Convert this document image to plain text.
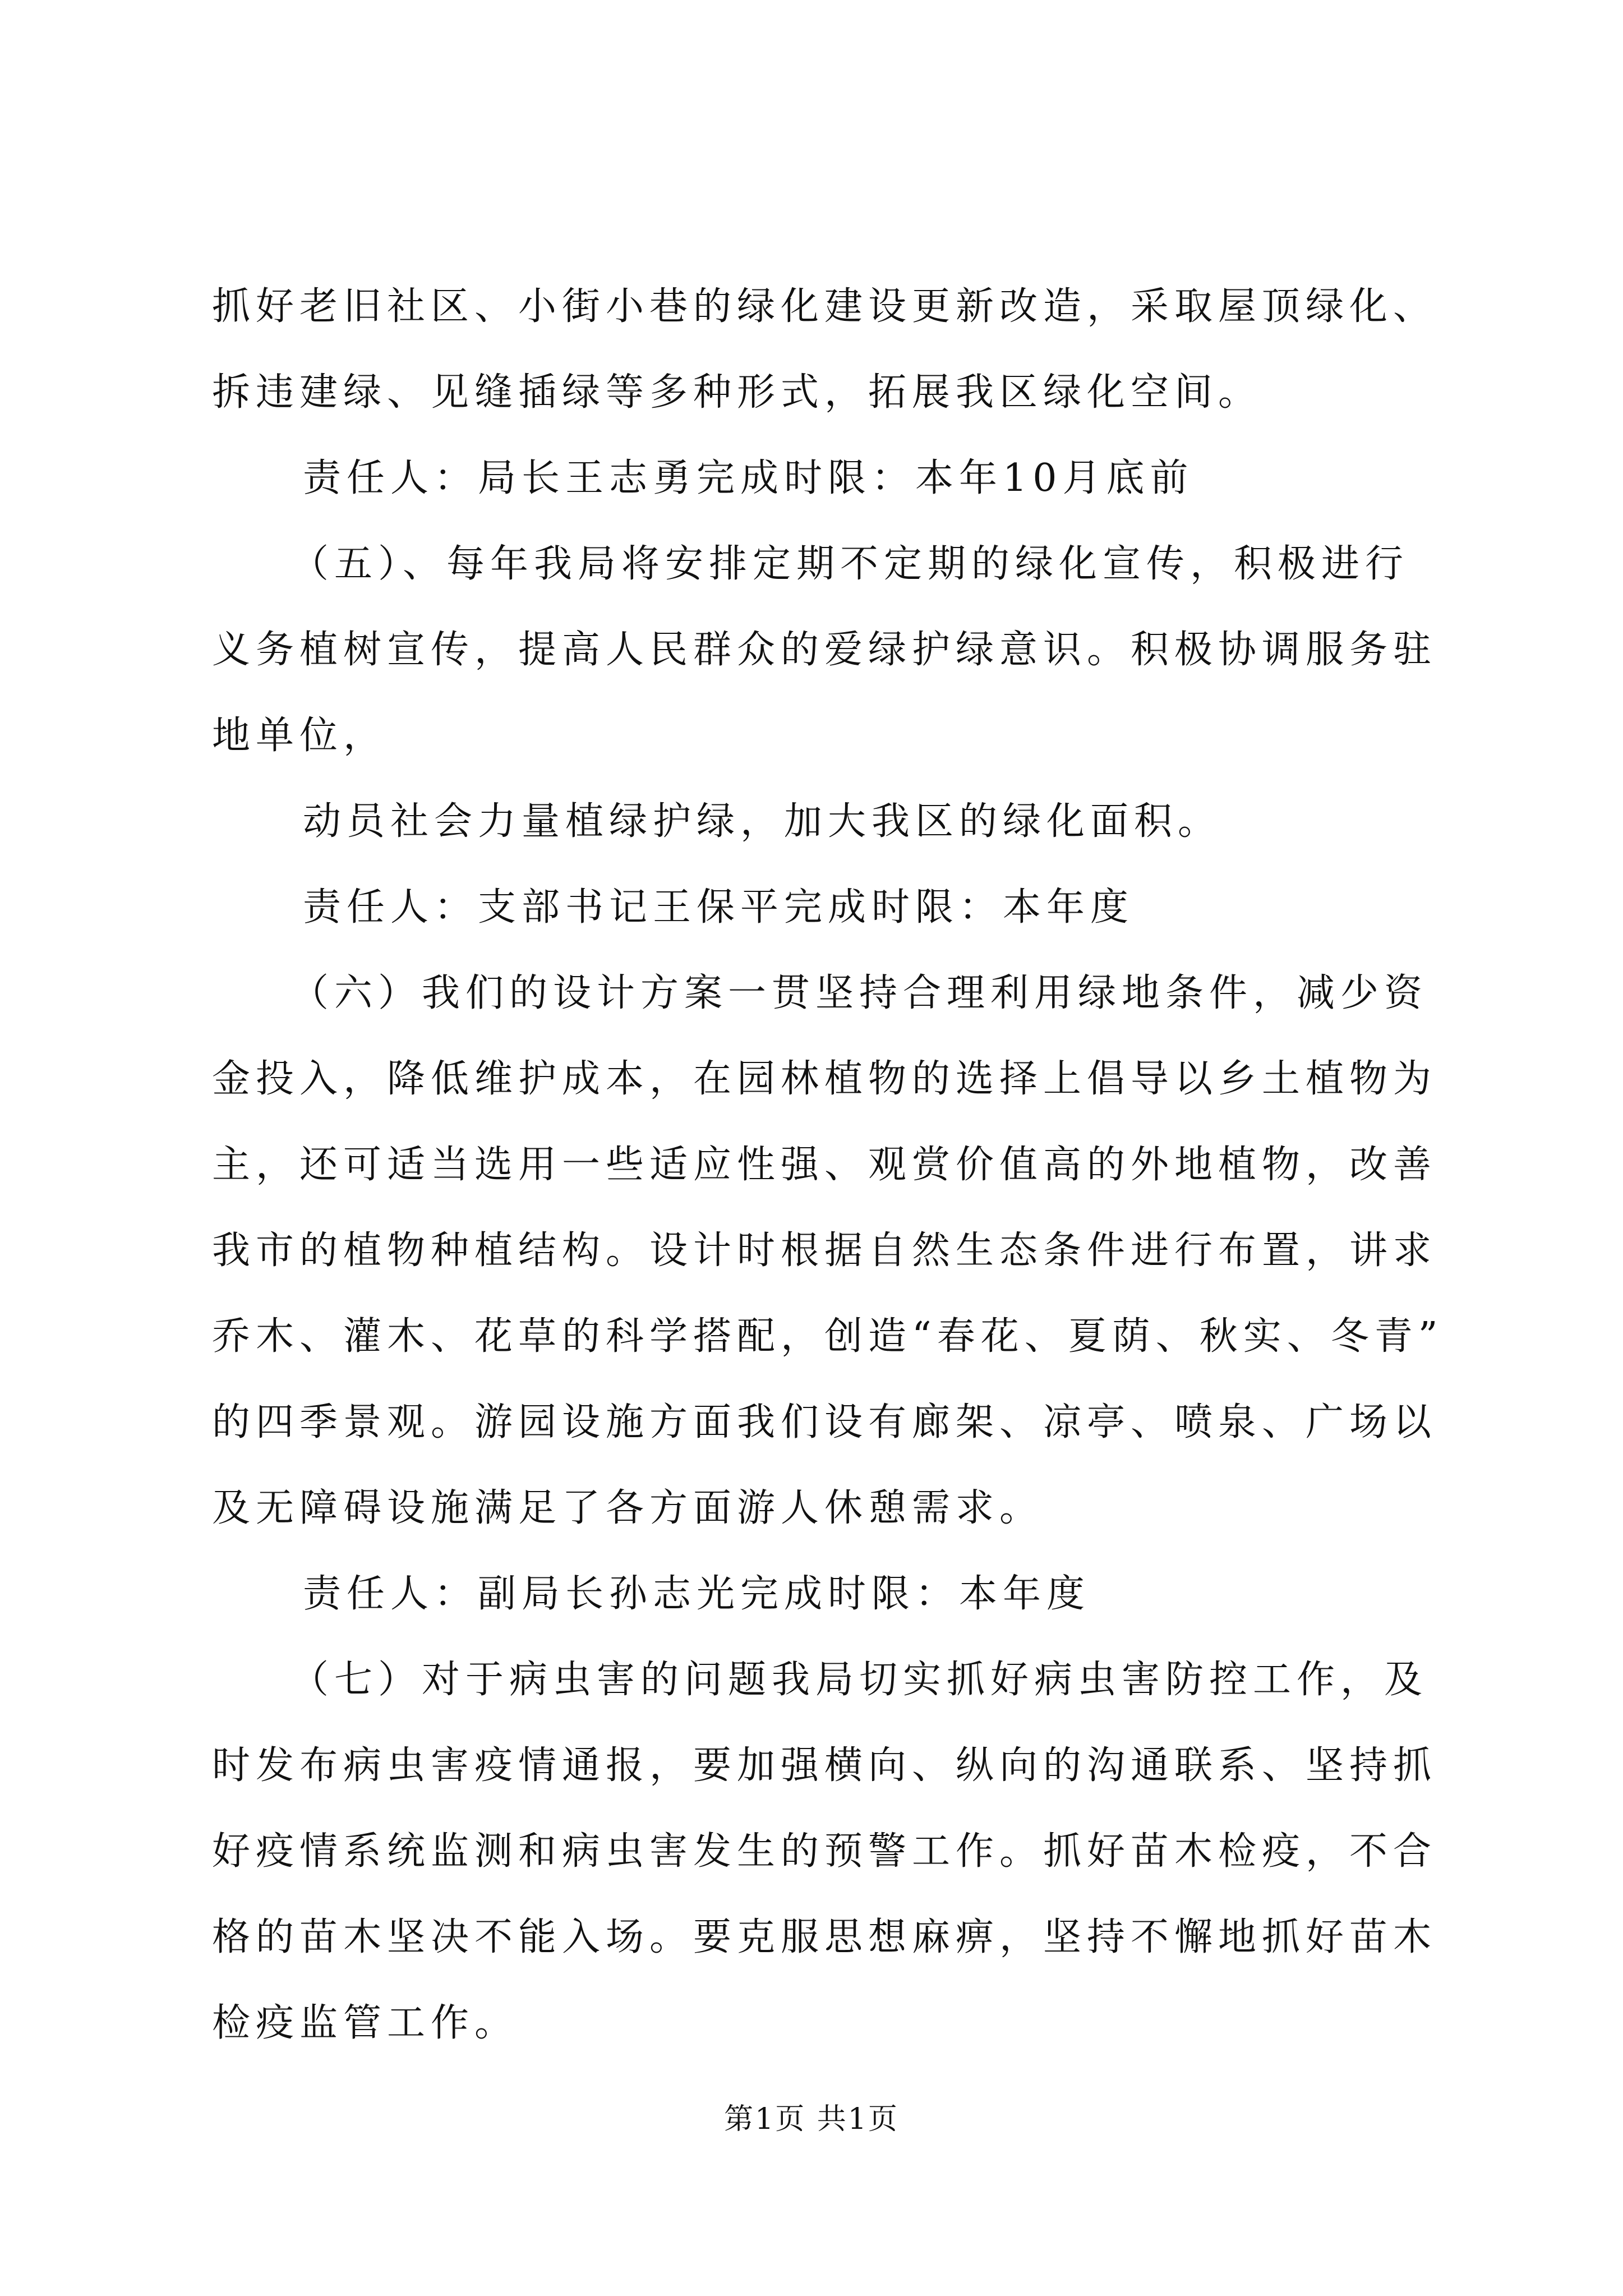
抓好老旧社区、小街小巷的绿化建设更新改造，采取屋顶绿化、
拆违建绿、见缝插绿等多种形式，拓展我区绿化空间。
责任人：局长王志勇完成时限：本年10月底前
（五）、每年我局将安排定期不定期的绿化宣传，积极进行
义务植树宣传，提高人民群众的爱绿护绿意识。积极协调服务驻
地单位，
动员社会力量植绿护绿，加大我区的绿化面积。
责任人：支部书记王保平完成时限：本年度
（六）我们的设计方案一贯坚持合理利用绿地条件，减少资
金投入，降低维护成本，在园林植物的选择上倡导以乡土植物为
主，还可适当选用一些适应性强、观赏价值高的外地植物，改善
我市的植物种植结构。设计时根据自然生态条件进行布置，讲求
乔木、灌木、花草的科学搭配，创造“春花、夏荫、秋实、冬青”
的四季景观。游园设施方面我们设有廊架、凉亭、喷泉、广场以
及无障碍设施满足了各方面游人休憩需求。
责任人：副局长孙志光完成时限：本年度
（七）对于病虫害的问题我局切实抓好病虫害防控工作，及
时发布病虫害疫情通报，要加强横向、纵向的沟通联系、坚持抓
好疫情系统监测和病虫害发生的预警工作。抓好苗木检疫，不合
格的苗木坚决不能入场。要克服思想麻痹，坚持不懈地抓好苗木
检疫监管工作。
第1页 共1页
